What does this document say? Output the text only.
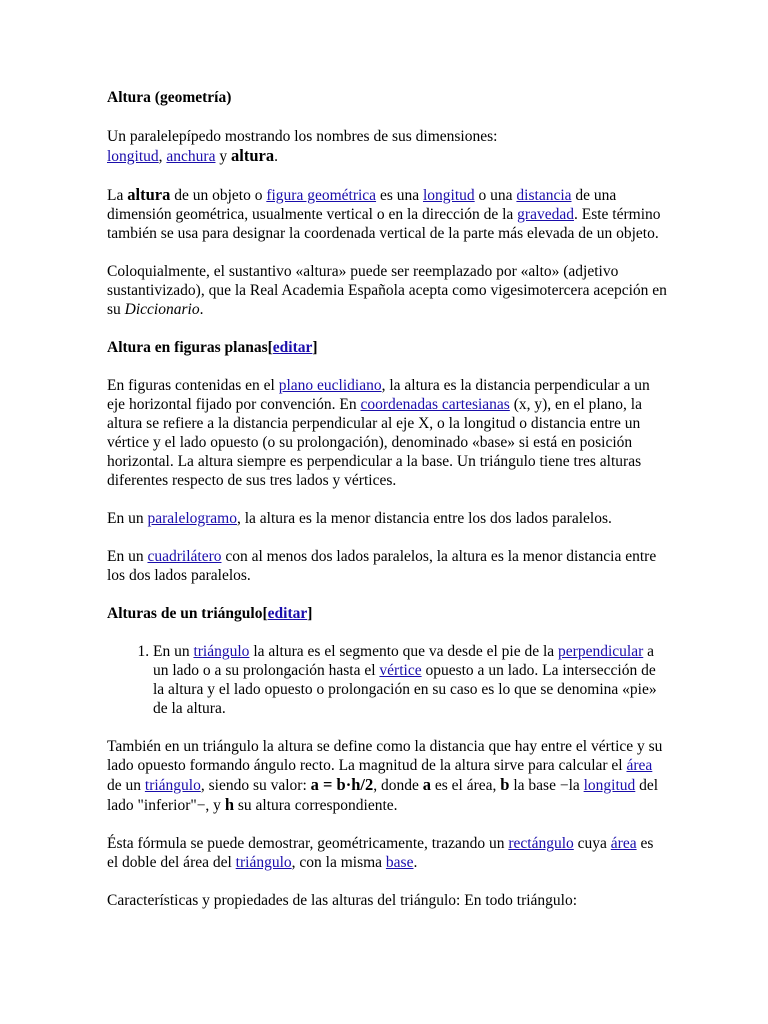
Altura (geometría)

Un paralelepípedo mostrando los nombres de sus dimensiones:
longitud, anchura y altura.

La altura de un objeto o figura geométrica es una longitud o una distancia de una dimensión geométrica, usualmente vertical o en la dirección de la gravedad. Este término también se usa para designar la coordenada vertical de la parte más elevada de un objeto.

Coloquialmente, el sustantivo «altura» puede ser reemplazado por «alto» (adjetivo sustantivizado), que la Real Academia Española acepta como vigesimotercera acepción en su Diccionario.

Altura en figuras planas[editar]

En figuras contenidas en el plano euclidiano, la altura es la distancia perpendicular a un eje horizontal fijado por convención. En coordenadas cartesianas (x, y), en el plano, la altura se refiere a la distancia perpendicular al eje X, o la longitud o distancia entre un vértice y el lado opuesto (o su prolongación), denominado «base» si está en posición horizontal. La altura siempre es perpendicular a la base. Un triángulo tiene tres alturas diferentes respecto de sus tres lados y vértices.

En un paralelogramo, la altura es la menor distancia entre los dos lados paralelos.

En un cuadrilátero con al menos dos lados paralelos, la altura es la menor distancia entre los dos lados paralelos.

Alturas de un triángulo[editar]
1. En un triángulo la altura es el segmento que va desde el pie de la perpendicular a un lado o a su prolongación hasta el vértice opuesto a un lado. La intersección de la altura y el lado opuesto o prolongación en su caso es lo que se denomina «pie» de la altura.

También en un triángulo la altura se define como la distancia que hay entre el vértice y su lado opuesto formando ángulo recto. La magnitud de la altura sirve para calcular el área de un triángulo, siendo su valor: a = b·h/2, donde a es el área, b la base −la longitud del lado "inferior"−, y h su altura correspondiente.

Ésta fórmula se puede demostrar, geométricamente, trazando un rectángulo cuya área es el doble del área del triángulo, con la misma base.

Características y propiedades de las alturas del triángulo: En todo triángulo:
